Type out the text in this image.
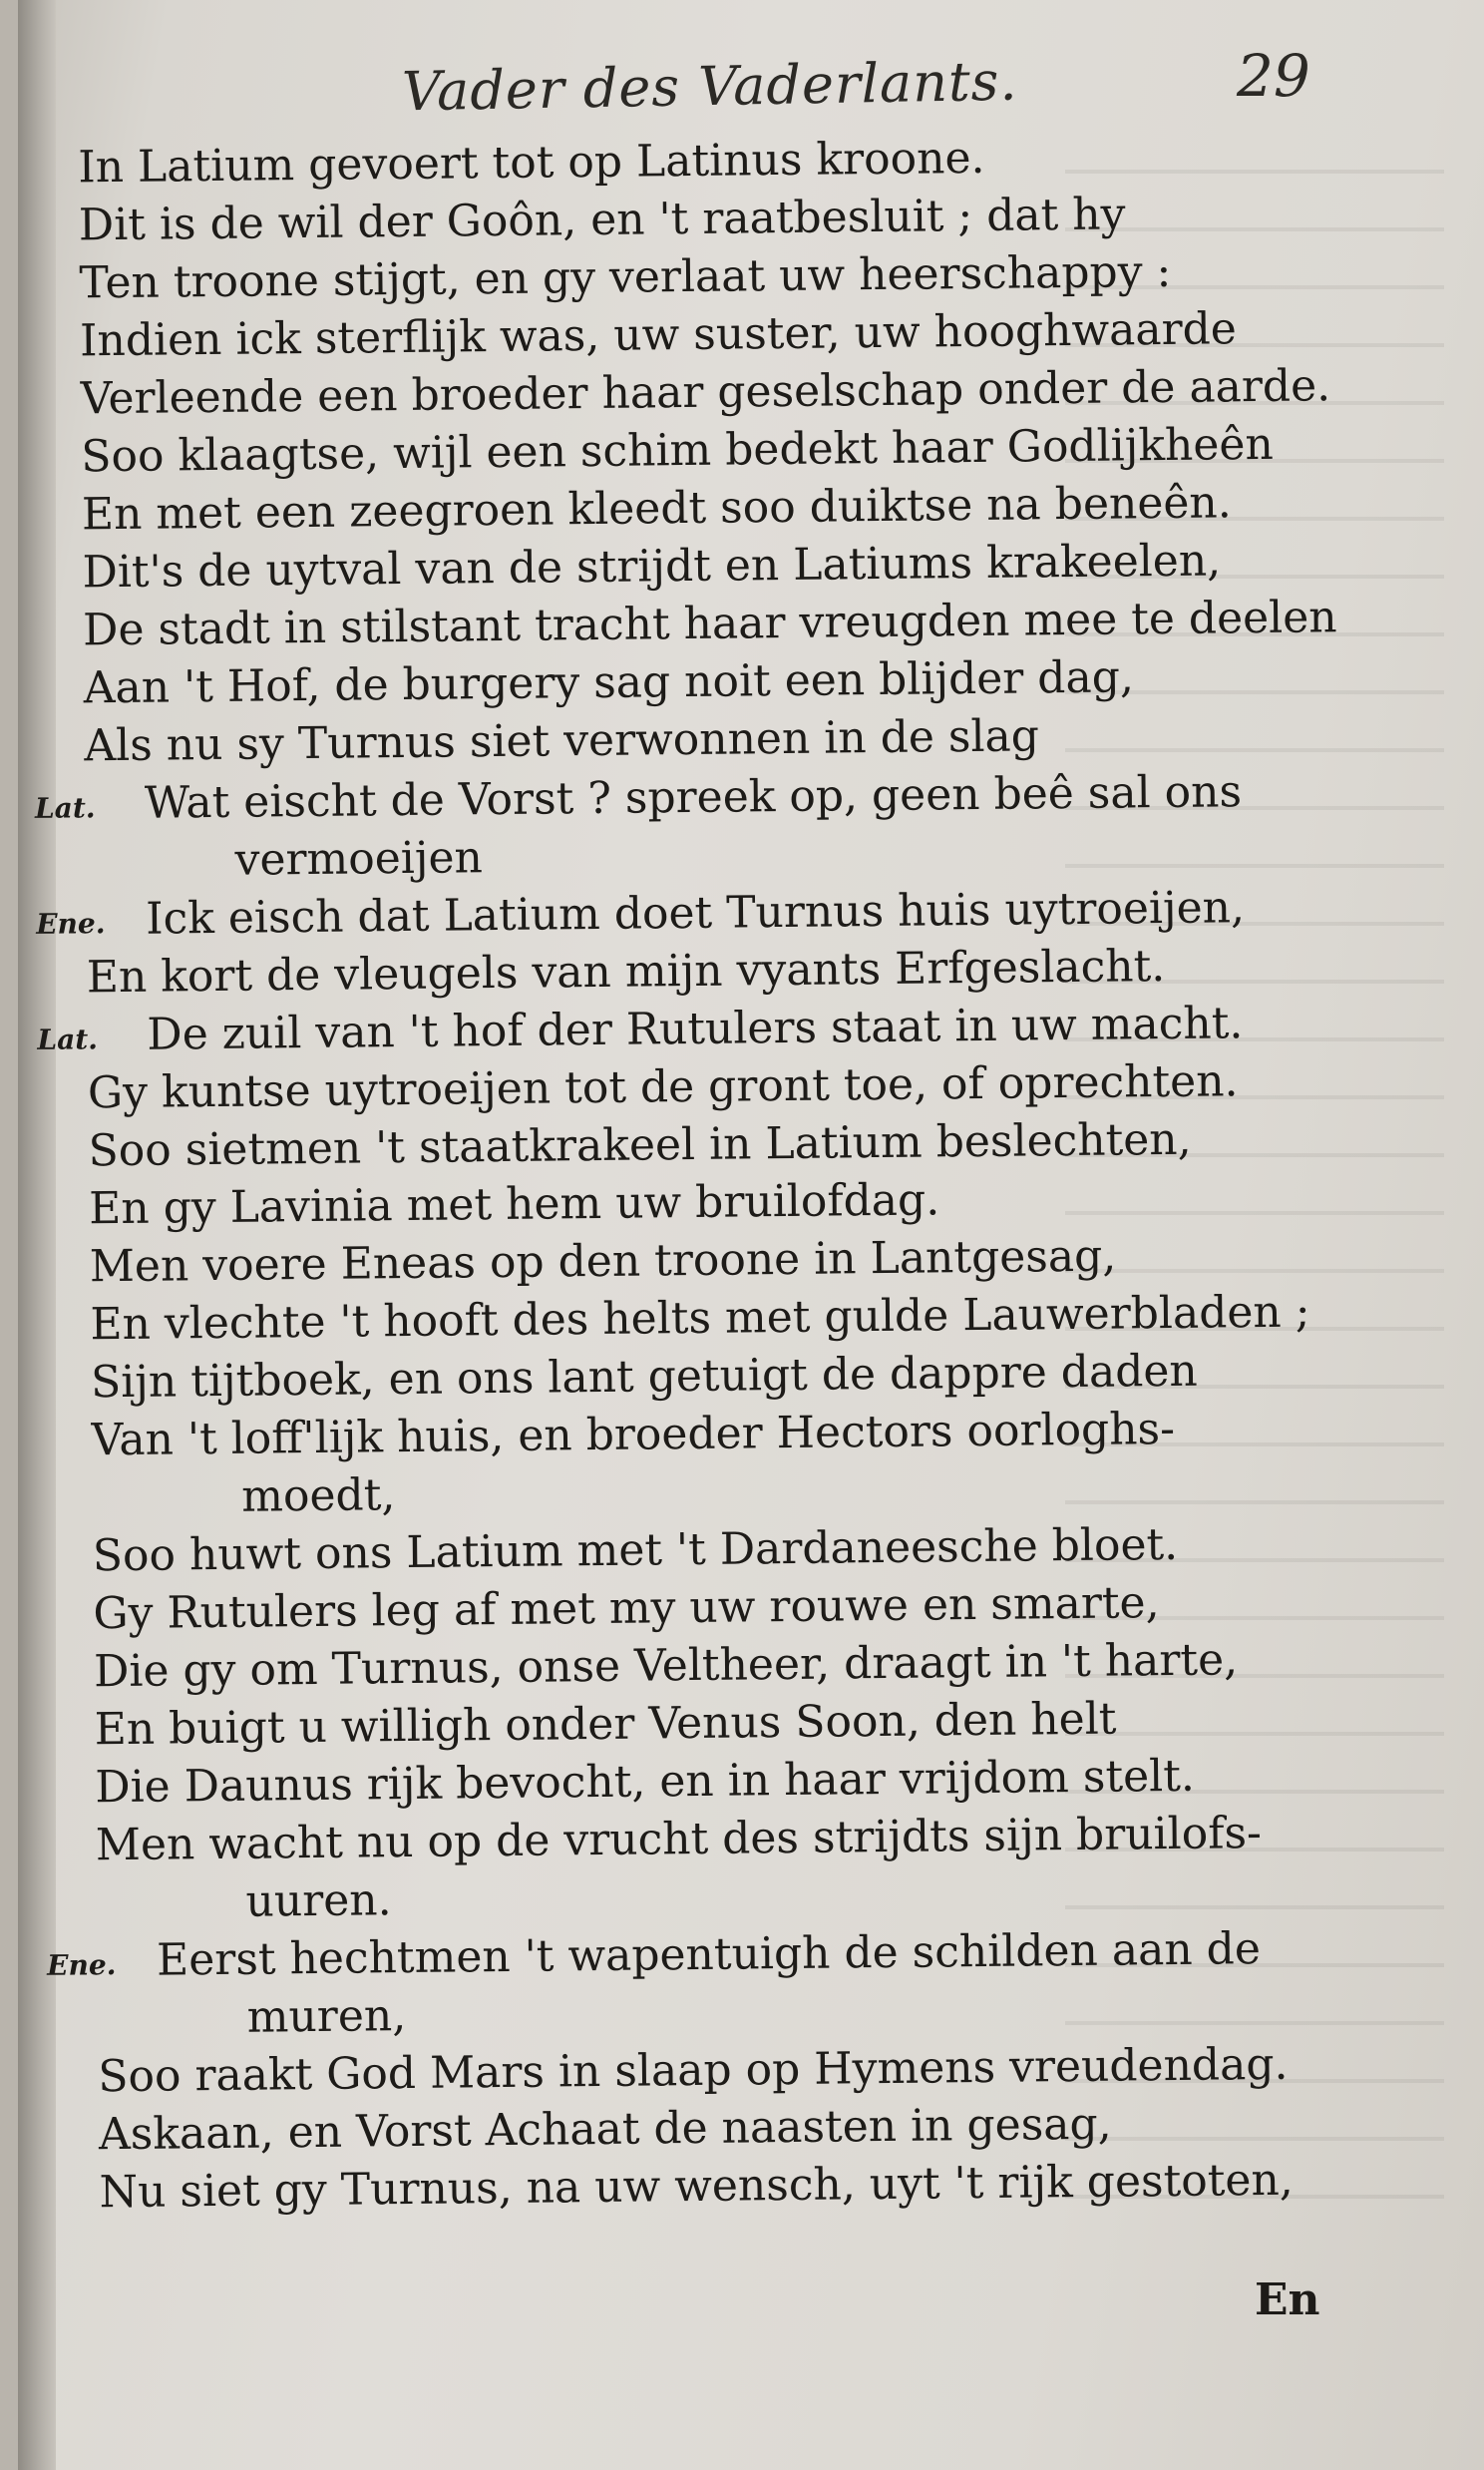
Vader des Vaderlants.	29
In Latium gevoert tot op Latinus kroone.
Dit is de wil der Goôn, en 't raatbesluit ; dat hy
Ten troone stijgt, en gy verlaat uw heerschappy :
Indien ick sterflijk was, uw suster, uw hooghwaarde
Verleende een broeder haar geselschap onder de aarde.
Soo klaagtse, wijl een schim bedekt haar Godlijkheên
En met een zeegroen kleedt soo duiktse na beneên.
Dit's de uytval van de strijdt en Latiums krakeelen,
De stadt in stilstant tracht haar vreugden mee te deelen
Aan 't Hof, de burgery sag noit een blijder dag,
Als nu sy Turnus siet verwonnen in de slag
Lat. Wat eischt de Vorst ? spreek op, geen beê sal ons
vermoeijen
Ene. Ick eisch dat Latium doet Turnus huis uytroeijen,
En kort de vleugels van mijn vyants Erfgeslacht.
Lat. De zuil van 't hof der Rutulers staat in uw macht.
Gy kuntse uytroeijen tot de gront toe, of oprechten.
Soo sietmen 't staatkrakeel in Latium beslechten,
En gy Lavinia met hem uw bruilofdag.
Men voere Eneas op den troone in Lantgesag,
En vlechte 't hooft des helts met gulde Lauwerbladen ;
Sijn tijtboek, en ons lant getuigt de dappre daden
Van 't loff'lijk huis, en broeder Hectors oorloghs-
moedt,
Soo huwt ons Latium met 't Dardaneesche bloet.
Gy Rutulers leg af met my uw rouwe en smarte,
Die gy om Turnus, onse Veltheer, draagt in 't harte,
En buigt u willigh onder Venus Soon, den helt
Die Daunus rijk bevocht, en in haar vrijdom stelt.
Men wacht nu op de vrucht des strijdts sijn bruilofs-
uuren.
Ene. Eerst hechtmen 't wapentuigh de schilden aan de
muren,
Soo raakt God Mars in slaap op Hymens vreudendag.
Askaan, en Vorst Achaat de naasten in gesag,
Nu siet gy Turnus, na uw wensch, uyt 't rijk gestoten,
En
